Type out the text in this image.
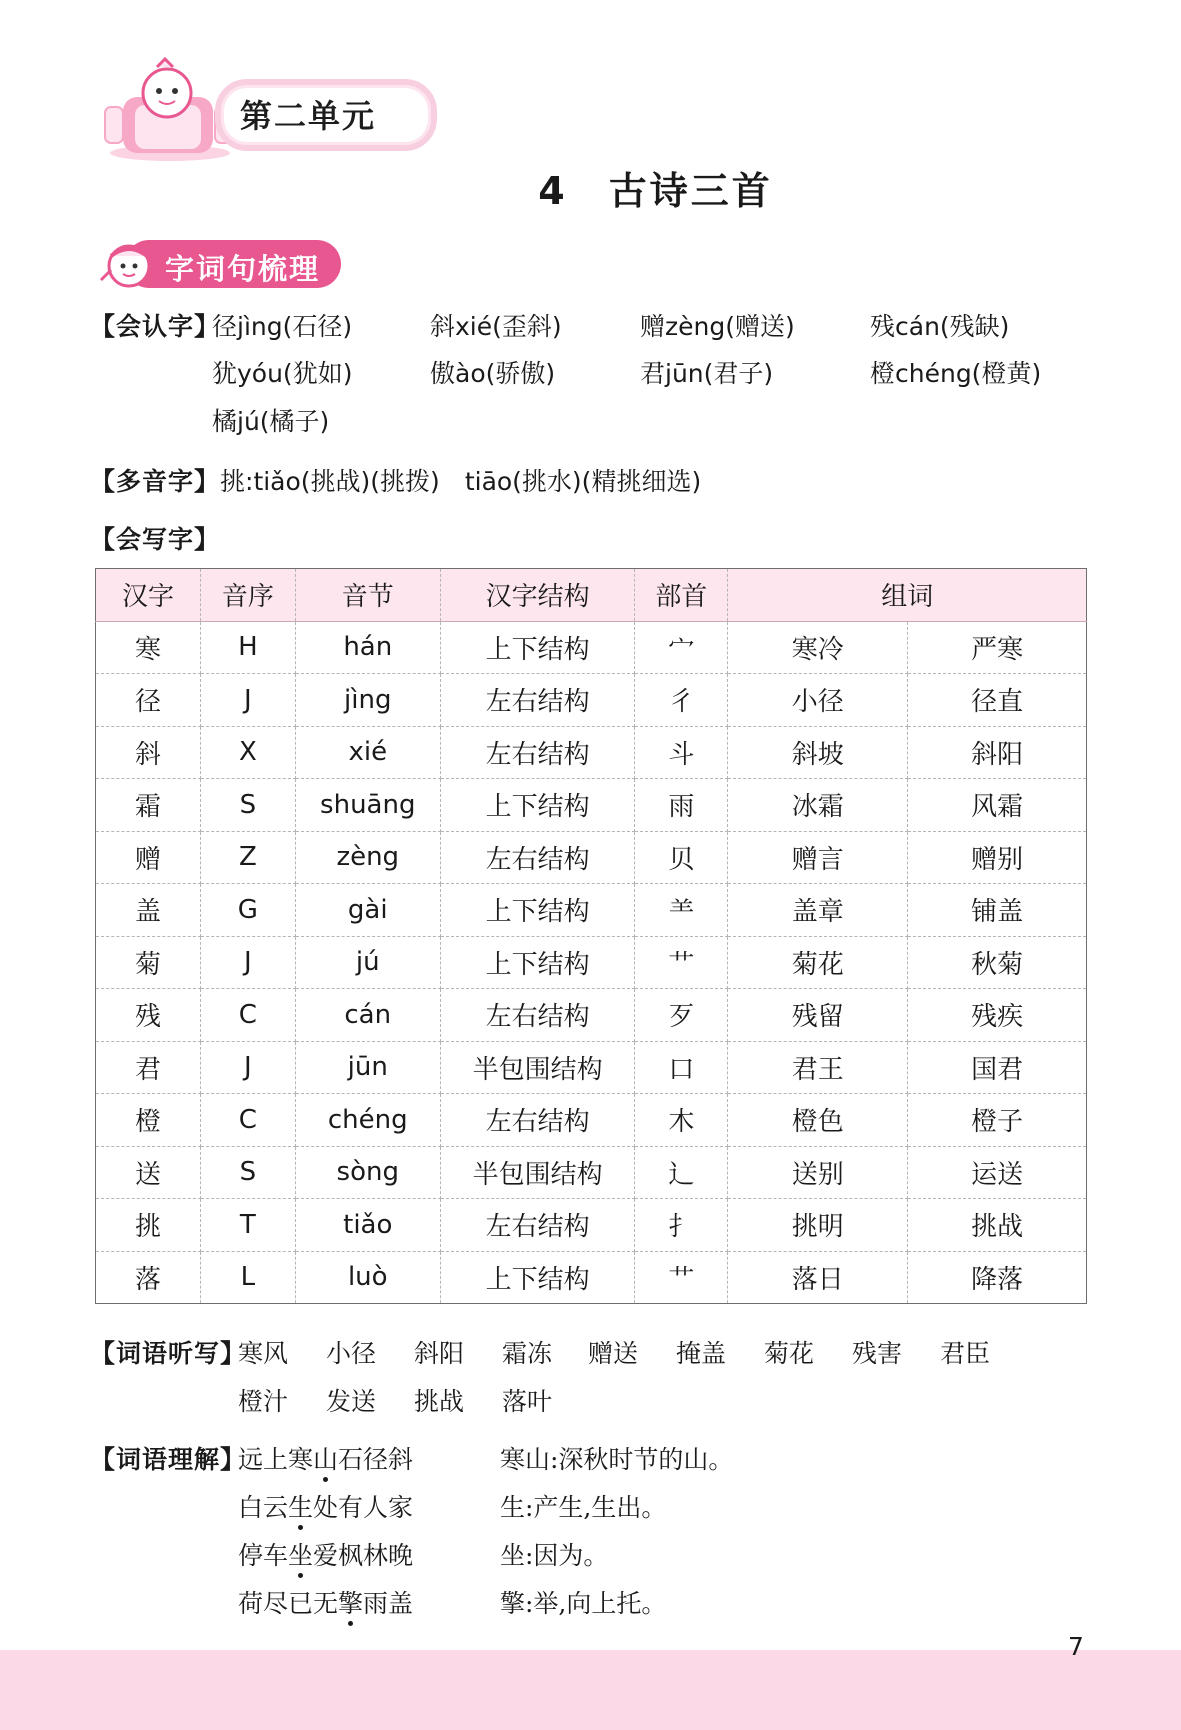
第二单元
4　古诗三首
字词句梳理
【会认字】
径jìng(石径)	斜xié(歪斜)	赠zèng(赠送)	残cán(残缺)
犹yóu(犹如)	傲ào(骄傲)	君jūn(君子)	橙chéng(橙黄)
橘jú(橘子)
【多音字】挑:tiǎo(挑战)(挑拨)　tiāo(挑水)(精挑细选)
【会写字】
汉字	音序	音节	汉字结构	部首	组词	
寒	H	hán	上下结构	宀	寒冷	严寒
径	J	jìng	左右结构	彳	小径	径直
斜	X	xié	左右结构	斗	斜坡	斜阳
霜	S	shuāng	上下结构	雨	冰霜	风霜
赠	Z	zèng	左右结构	贝	赠言	赠别
盖	G	gài	上下结构	⺷	盖章	铺盖
菊	J	jú	上下结构	艹	菊花	秋菊
残	C	cán	左右结构	歹	残留	残疾
君	J	jūn	半包围结构	口	君王	国君
橙	C	chéng	左右结构	木	橙色	橙子
送	S	sòng	半包围结构	辶	送别	运送
挑	T	tiǎo	左右结构	扌	挑明	挑战
落	L	luò	上下结构	艹	落日	降落
【词语听写】
寒风 小径 斜阳 霜冻 赠送 掩盖 菊花 残害 君臣
橙汁 发送 挑战 落叶
【词语理解】
远上寒山石径斜	寒山:深秋时节的山。
白云生处有人家	生:产生,生出。
停车坐爱枫林晚	坐:因为。
荷尽已无擎雨盖	擎:举,向上托。
7
